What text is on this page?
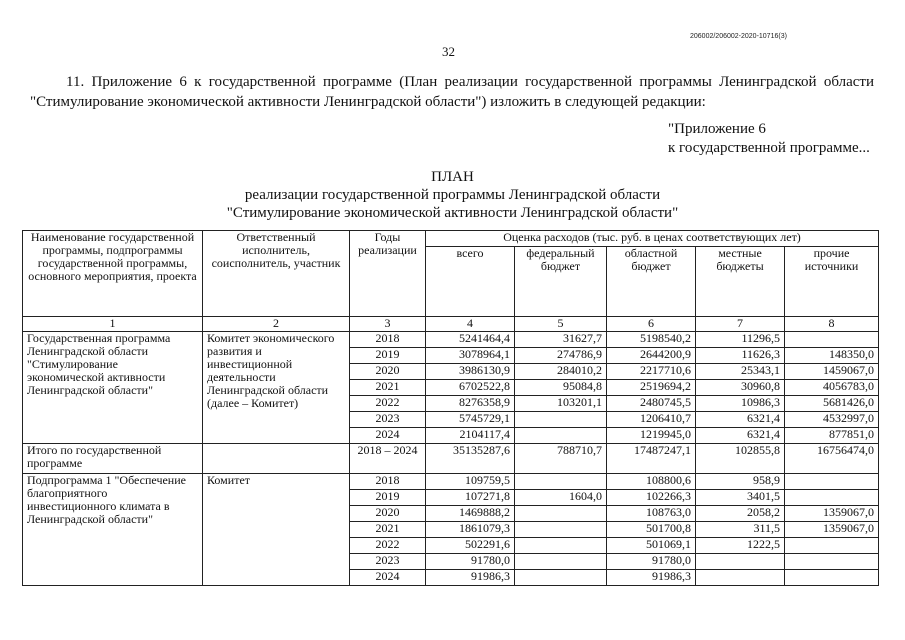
206002/206002-2020-10716(3)
32
11. Приложение 6 к государственной программе (План реализации государственной программы Ленинградской области
"Стимулирование экономической активности Ленинградской области") изложить в следующей редакции:
"Приложение 6
к государственной программе...
ПЛАН
реализации государственной программы Ленинградской области
"Стимулирование экономической активности Ленинградской области"
Наименование государственной программы, подпрограммы государственной программы, основного мероприятия, проекта	Ответственный исполнитель, соисполнитель, участник	Годы реализации	Оценка расходов (тыс. руб. в ценах соответствующих лет)				
			всего	федеральный бюджет	областной бюджет	местные бюджеты	прочие источники
1	2	3	4	5	6	7	8
Государственная программа Ленинградской области "Стимулирование экономической активности Ленинградской области"	Комитет экономического развития и инвестиционной деятельности Ленинградской области (далее – Комитет)	2018	5241464,4	31627,7	5198540,2	11296,5	
		2019	3078964,1	274786,9	2644200,9	11626,3	148350,0
		2020	3986130,9	284010,2	2217710,6	25343,1	1459067,0
		2021	6702522,8	95084,8	2519694,2	30960,8	4056783,0
		2022	8276358,9	103201,1	2480745,5	10986,3	5681426,0
		2023	5745729,1		1206410,7	6321,4	4532997,0
		2024	2104117,4		1219945,0	6321,4	877851,0
Итого по государственной программе		2018 – 2024	35135287,6	788710,7	17487247,1	102855,8	16756474,0
Подпрограмма 1 "Обеспечение благоприятного инвестиционного климата в Ленинградской области"	Комитет	2018	109759,5		108800,6	958,9	
		2019	107271,8	1604,0	102266,3	3401,5	
		2020	1469888,2		108763,0	2058,2	1359067,0
		2021	1861079,3		501700,8	311,5	1359067,0
		2022	502291,6		501069,1	1222,5	
		2023	91780,0		91780,0		
		2024	91986,3		91986,3		
